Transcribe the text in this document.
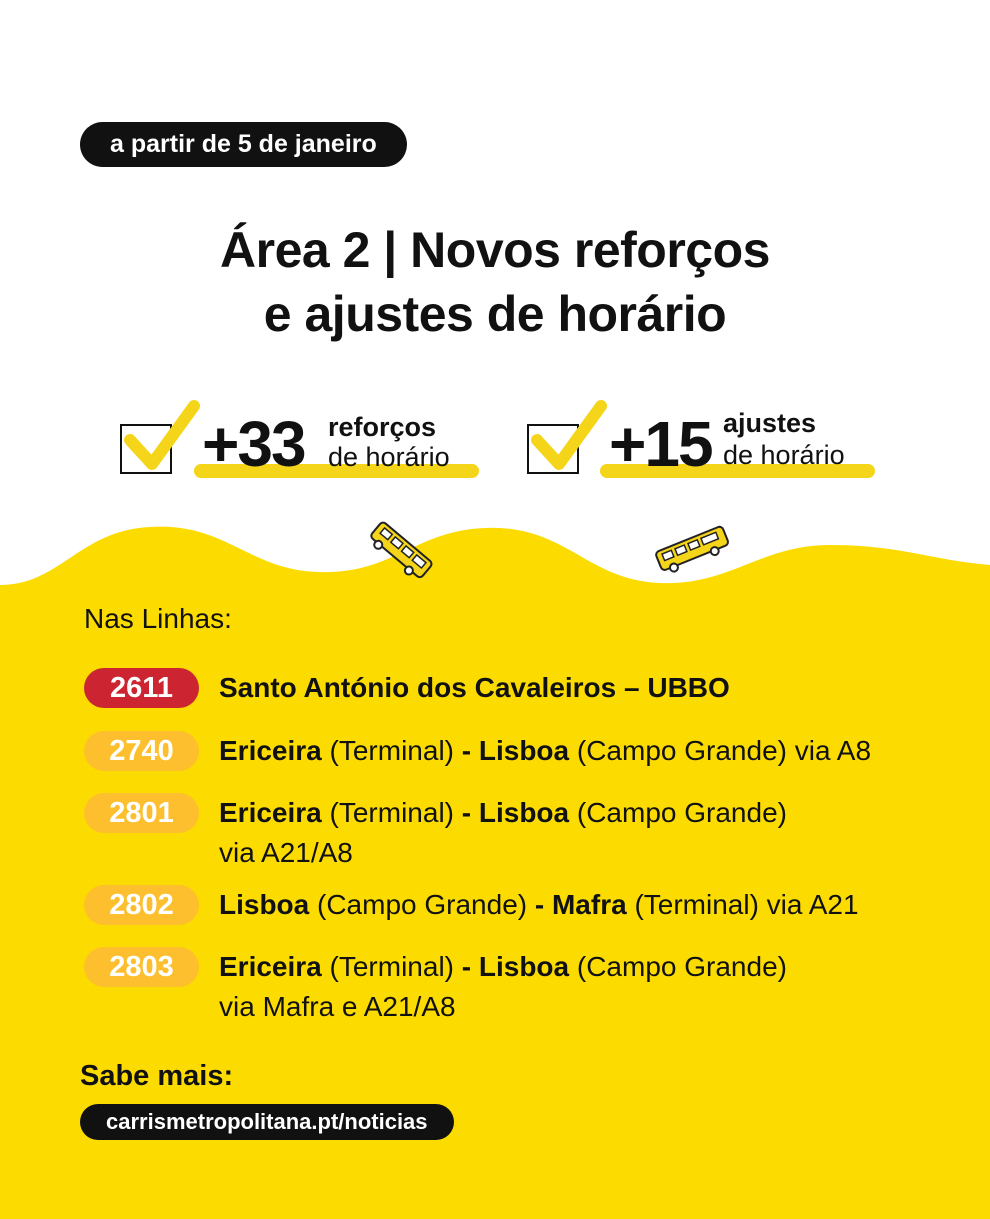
a partir de 5 de janeiro
Área 2 | Novos reforços
e ajustes de horário
+33 reforços
de horário +15 ajustes
de horário
Nas Linhas:
2611	Santo António dos Cavaleiros – UBBO
2740	Ericeira (Terminal) - Lisboa (Campo Grande) via A8
2801	Ericeira (Terminal) - Lisboa (Campo Grande)
via A21/A8
2802	Lisboa (Campo Grande) - Mafra (Terminal) via A21
2803	Ericeira (Terminal) - Lisboa (Campo Grande)
via Mafra e A21/A8
Sabe mais:
carrismetropolitana.pt/noticias
